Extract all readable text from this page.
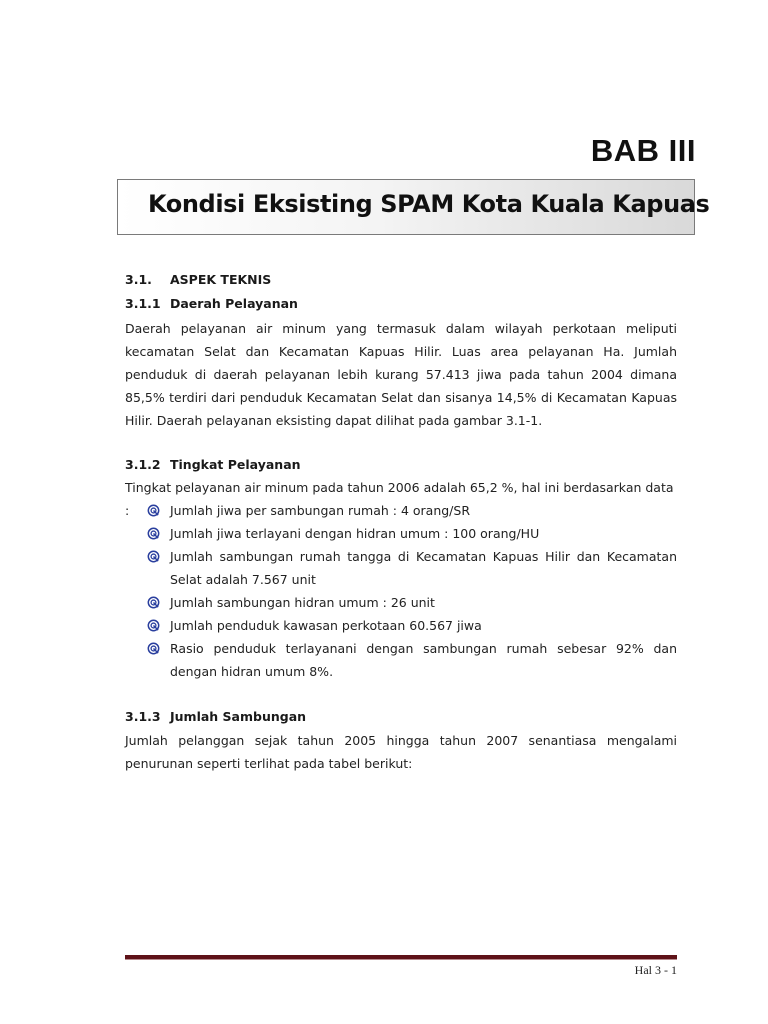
BAB III
Kondisi Eksisting SPAM Kota Kuala Kapuas
3.1. ASPEK TEKNIS
3.1.1 Daerah Pelayanan
Daerah pelayanan air minum yang termasuk dalam wilayah perkotaan meliputi kecamatan Selat dan Kecamatan Kapuas Hilir. Luas area pelayanan Ha. Jumlah penduduk di daerah pelayanan lebih kurang 57.413 jiwa pada tahun 2004 dimana 85,5% terdiri dari penduduk Kecamatan Selat dan sisanya 14,5% di Kecamatan Kapuas Hilir. Daerah pelayanan eksisting dapat dilihat pada gambar 3.1-1.
3.1.2 Tingkat Pelayanan
Tingkat pelayanan air minum pada tahun 2006 adalah 65,2 %, hal ini berdasarkan data :	Jumlah jiwa per sambungan rumah : 4 orang/SR
Jumlah jiwa terlayani dengan hidran umum : 100 orang/HU
Jumlah sambungan rumah tangga di Kecamatan Kapuas Hilir dan Kecamatan Selat adalah 7.567 unit
Jumlah sambungan hidran umum : 26 unit
Jumlah penduduk kawasan perkotaan 60.567 jiwa
Rasio penduduk terlayanani dengan sambungan rumah sebesar 92% dan dengan hidran umum 8%.
3.1.3 Jumlah Sambungan
Jumlah pelanggan sejak tahun 2005 hingga tahun 2007 senantiasa mengalami penurunan seperti terlihat pada tabel berikut:
Hal 3 - 1
